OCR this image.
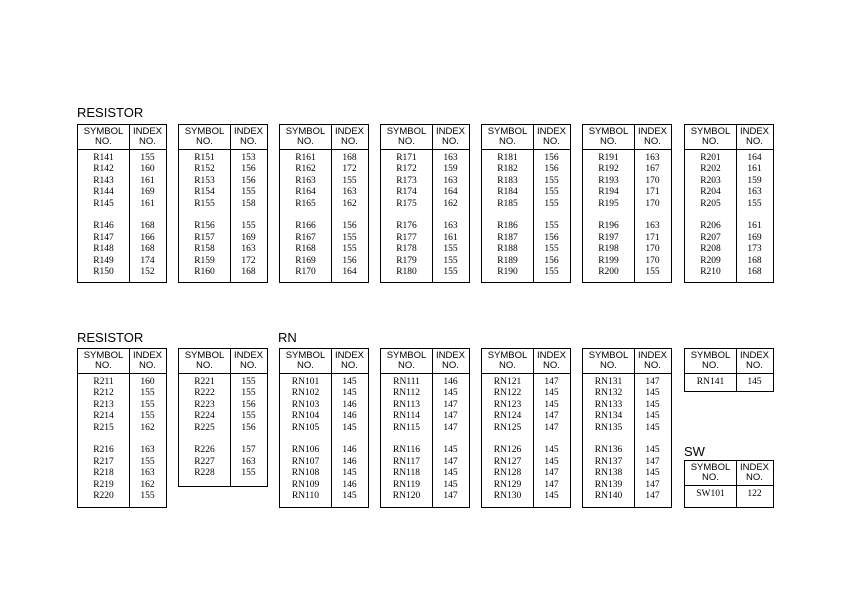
RESISTOR
RESISTOR	RN
SW
SYMBOL
NO.
INDEX
NO.
R141	155
R142	160
R143	161
R144	169
R145	161
R146	168
R147	166
R148	168
R149	174
R150	152
SYMBOL
NO.
INDEX
NO.
R151	153
R152	156
R153	156
R154	155
R155	158
R156	155
R157	169
R158	163
R159	172
R160	168
SYMBOL
NO.
INDEX
NO.
R161	168
R162	172
R163	155
R164	163
R165	162
R166	156
R167	155
R168	155
R169	156
R170	164
SYMBOL
NO.
INDEX
NO.
R171	163
R172	159
R173	163
R174	164
R175	162
R176	163
R177	161
R178	155
R179	155
R180	155
SYMBOL
NO.
INDEX
NO.
R181	156
R182	156
R183	155
R184	155
R185	155
R186	155
R187	156
R188	155
R189	156
R190	155
SYMBOL
NO.
INDEX
NO.
R191	163
R192	167
R193	170
R194	171
R195	170
R196	163
R197	171
R198	170
R199	170
R200	155
SYMBOL
NO.
INDEX
NO.
R201	164
R202	161
R203	159
R204	163
R205	155
R206	161
R207	169
R208	173
R209	168
R210	168
SYMBOL
NO.
INDEX
NO.
R211	160
R212	155
R213	155
R214	155
R215	162
R216	163
R217	155
R218	163
R219	162
R220	155
SYMBOL
NO.
INDEX
NO.
R221	155
R222	155
R223	156
R224	155
R225	156
R226	157
R227	163
R228	155
SYMBOL
NO.
INDEX
NO.
RN101	145
RN102	145
RN103	146
RN104	146
RN105	145
RN106	146
RN107	146
RN108	145
RN109	146
RN110	145
SYMBOL
NO.
INDEX
NO.
RN111	146
RN112	145
RN113	147
RN114	147
RN115	147
RN116	145
RN117	147
RN118	145
RN119	145
RN120	147
SYMBOL
NO.
INDEX
NO.
RN121	147
RN122	145
RN123	145
RN124	147
RN125	147
RN126	145
RN127	145
RN128	147
RN129	147
RN130	145
SYMBOL
NO.
INDEX
NO.
RN131	147
RN132	145
RN133	145
RN134	145
RN135	145
RN136	145
RN137	147
RN138	145
RN139	147
RN140	147
SYMBOL
NO.
INDEX
NO.
RN141	145
SYMBOL
NO.
INDEX
NO.
SW101	122
